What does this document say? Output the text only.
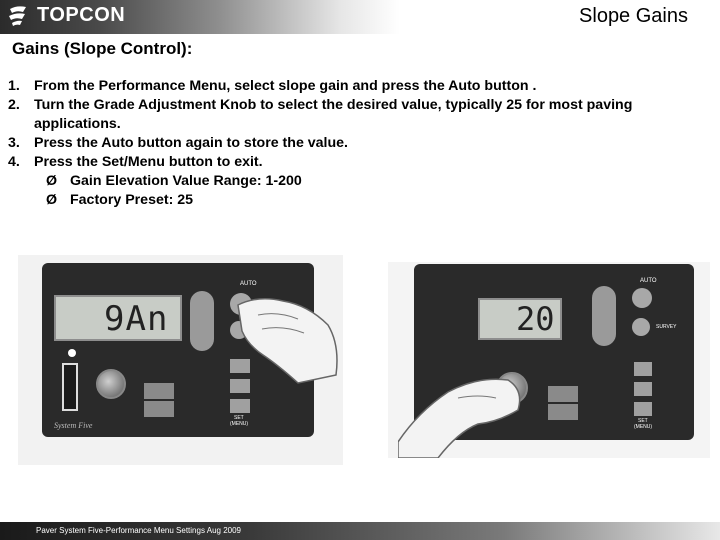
TOPCON	Slope Gains
Gains (Slope Control):
1. From the Performance Menu, select slope gain and press the Auto button .
2. Turn the Grade Adjustment Knob to select the desired value, typically 25 for most paving applications.
3. Press the Auto button again to store the value.
4. Press the Set/Menu button to exit.
Ø Gain Elevation Value Range: 1-200
Ø Factory Preset: 25
9An
AUTO
SET
(MENU)
System Five
20
AUTO
SURVEY
SET
(MENU)
Paver System Five-Performance Menu Settings Aug 2009
